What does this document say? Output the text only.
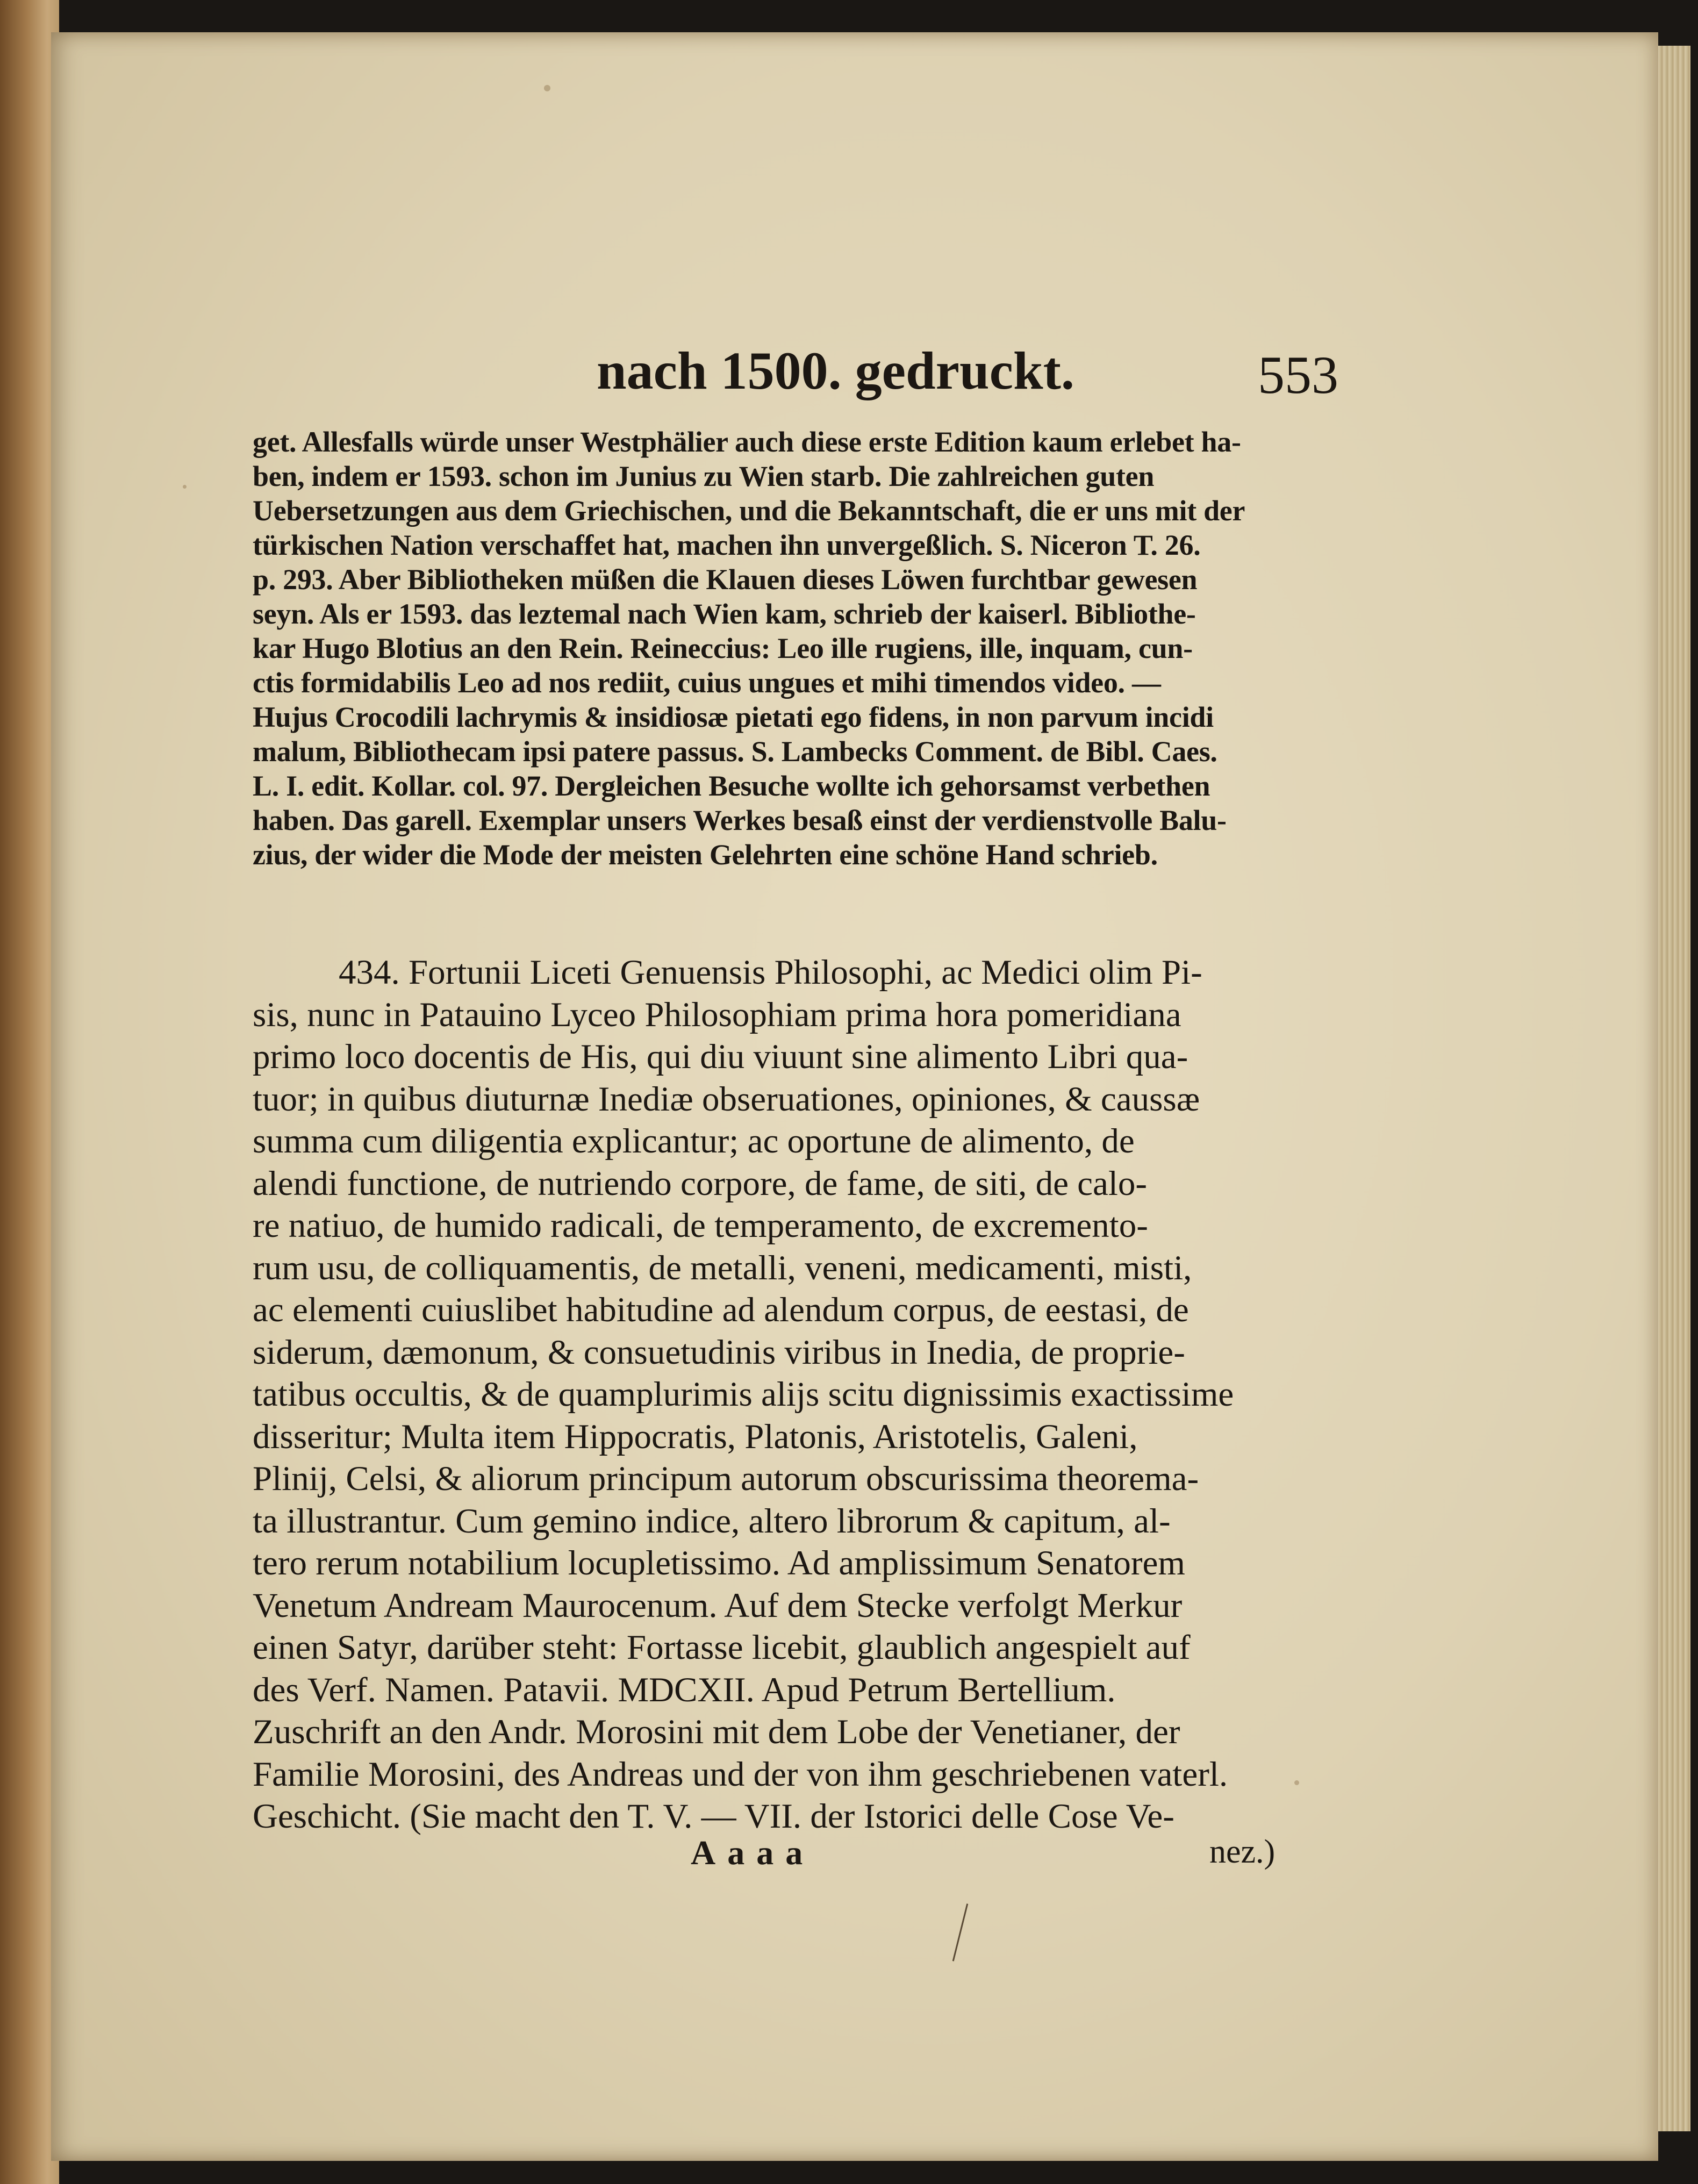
nach 1500. gedruckt.	553
get. Allesfalls würde unser Westphälier auch diese erste Edition kaum erlebet ha-
ben, indem er 1593. schon im Junius zu Wien starb. Die zahlreichen guten
Uebersetzungen aus dem Griechischen, und die Bekanntschaft, die er uns mit der
türkischen Nation verschaffet hat, machen ihn unvergeßlich. S. Niceron T. 26.
p. 293. Aber Bibliotheken müßen die Klauen dieses Löwen furchtbar gewesen
seyn. Als er 1593. das leztemal nach Wien kam, schrieb der kaiserl. Bibliothe-
kar Hugo Blotius an den Rein. Reineccius: Leo ille rugiens, ille, inquam, cun-
ctis formidabilis Leo ad nos rediit, cuius ungues et mihi timendos video. —
Hujus Crocodili lachrymis & insidiosæ pietati ego fidens, in non parvum incidi
malum, Bibliothecam ipsi patere passus. S. Lambecks Comment. de Bibl. Caes.
L. I. edit. Kollar. col. 97. Dergleichen Besuche wollte ich gehorsamst verbethen
haben. Das garell. Exemplar unsers Werkes besaß einst der verdienstvolle Balu-
zius, der wider die Mode der meisten Gelehrten eine schöne Hand schrieb.
434. Fortunii Liceti Genuensis Philosophi, ac Medici olim Pi-
sis, nunc in Patauino Lyceo Philosophiam prima hora pomeridiana
primo loco docentis de His, qui diu viuunt sine alimento Libri qua-
tuor; in quibus diuturnæ Inediæ obseruationes, opiniones, & caussæ
summa cum diligentia explicantur; ac oportune de alimento, de
alendi functione, de nutriendo corpore, de fame, de siti, de calo-
re natiuo, de humido radicali, de temperamento, de excremento-
rum usu, de colliquamentis, de metalli, veneni, medicamenti, misti,
ac elementi cuiuslibet habitudine ad alendum corpus, de eestasi, de
siderum, dæmonum, & consuetudinis viribus in Inedia, de proprie-
tatibus occultis, & de quamplurimis alijs scitu dignissimis exactissime
disseritur; Multa item Hippocratis, Platonis, Aristotelis, Galeni,
Plinij, Celsi, & aliorum principum autorum obscurissima theorema-
ta illustrantur. Cum gemino indice, altero librorum & capitum, al-
tero rerum notabilium locupletissimo. Ad amplissimum Senatorem
Venetum Andream Maurocenum. Auf dem Stecke verfolgt Merkur
einen Satyr, darüber steht: Fortasse licebit, glaublich angespielt auf
des Verf. Namen. Patavii. MDCXII. Apud Petrum Bertellium.
Zuschrift an den Andr. Morosini mit dem Lobe der Venetianer, der
Familie Morosini, des Andreas und der von ihm geschriebenen vaterl.
Geschicht. (Sie macht den T. V. — VII. der Istorici delle Cose Ve-
Aaaa	nez.)
